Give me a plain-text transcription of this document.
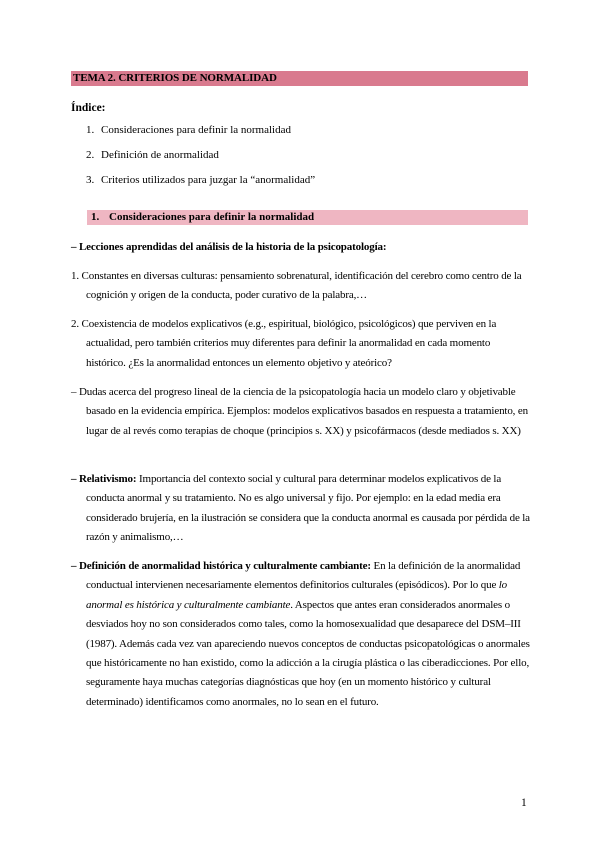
TEMA 2. CRITERIOS DE NORMALIDAD
Índice:
1. Consideraciones para definir la normalidad
2. Definición de anormalidad
3. Criterios utilizados para juzgar la “anormalidad”
1. Consideraciones para definir la normalidad
– Lecciones aprendidas del análisis de la historia de la psicopatología:
1. Constantes en diversas culturas: pensamiento sobrenatural, identificación del cerebro como centro de la cognición y origen de la conducta, poder curativo de la palabra,…
2. Coexistencia de modelos explicativos (e.g., espiritual, biológico, psicológicos) que perviven en la actualidad, pero también criterios muy diferentes para definir la anormalidad en cada momento histórico. ¿Es la anormalidad entonces un elemento objetivo y ateórico?
– Dudas acerca del progreso lineal de la ciencia de la psicopatología hacia un modelo claro y objetivable basado en la evidencia empírica. Ejemplos: modelos explicativos basados en respuesta a tratamiento, en lugar de al revés como terapias de choque (principios s. XX) y psicofármacos (desde mediados s. XX)
– Relativismo: Importancia del contexto social y cultural para determinar modelos explicativos de la conducta anormal y su tratamiento. No es algo universal y fijo. Por ejemplo: en la edad media era considerado brujería, en la ilustración se considera que la conducta anormal es causada por pérdida de la razón y animalismo,…
– Definición de anormalidad histórica y culturalmente cambiante: En la definición de la anormalidad conductual intervienen necesariamente elementos definitorios culturales (episódicos). Por lo que lo anormal es histórica y culturalmente cambiante. Aspectos que antes eran considerados anormales o desviados hoy no son considerados como tales, como la homosexualidad que desaparece del DSM–III (1987). Además cada vez van apareciendo nuevos conceptos de conductas psicopatológicas o anormales que históricamente no han existido, como la adicción a la cirugía plástica o las ciberadicciones. Por ello, seguramente haya muchas categorías diagnósticas que hoy (en un momento histórico y cultural determinado) identificamos como anormales, no lo sean en el futuro.
1
